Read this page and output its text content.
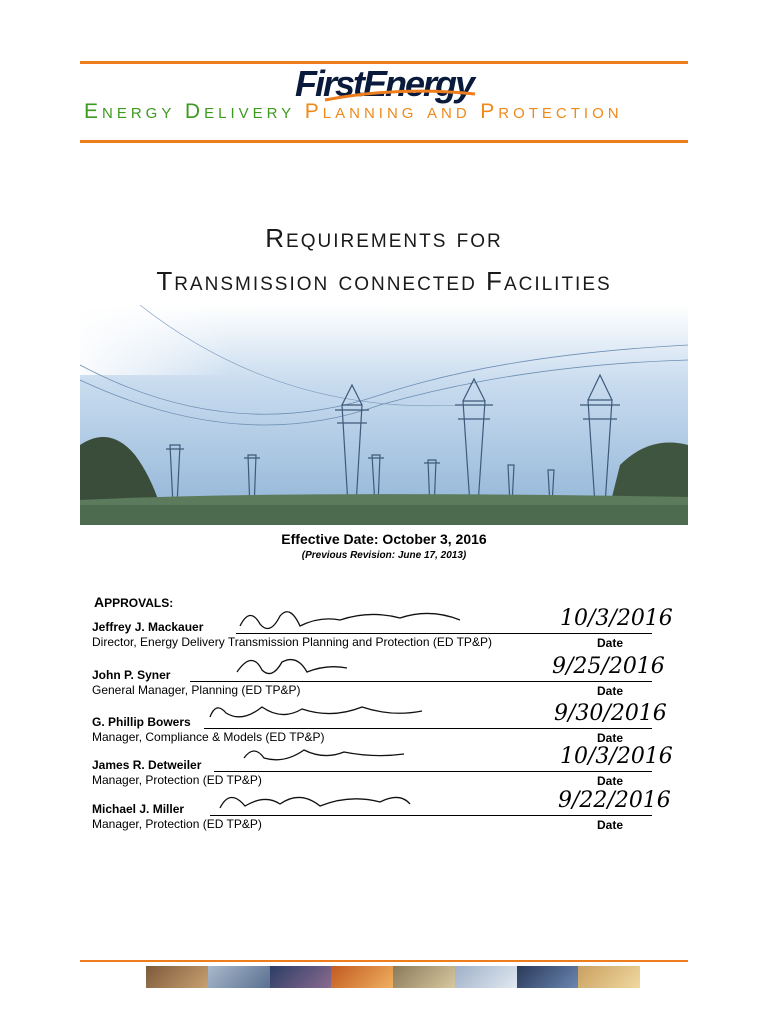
FirstEnergy
ENERGY DELIVERY PLANNING AND PROTECTION
REQUIREMENTS FOR
TRANSMISSION CONNECTED FACILITIES
Effective Date: October 3, 2016
(Previous Revision: June 17, 2013)
APPROVALS:
Jeffrey J. Mackauer
Director, Energy Delivery Transmission Planning and Protection (ED TP&P)
10/3/2016
Date
John P. Syner
General Manager, Planning (ED TP&P)
9/25/2016
Date
G. Phillip Bowers
Manager, Compliance & Models (ED TP&P)
9/30/2016
Date
James R. Detweiler
Manager, Protection (ED TP&P)
10/3/2016
Date
Michael J. Miller
Manager, Protection (ED TP&P)
9/22/2016
Date
